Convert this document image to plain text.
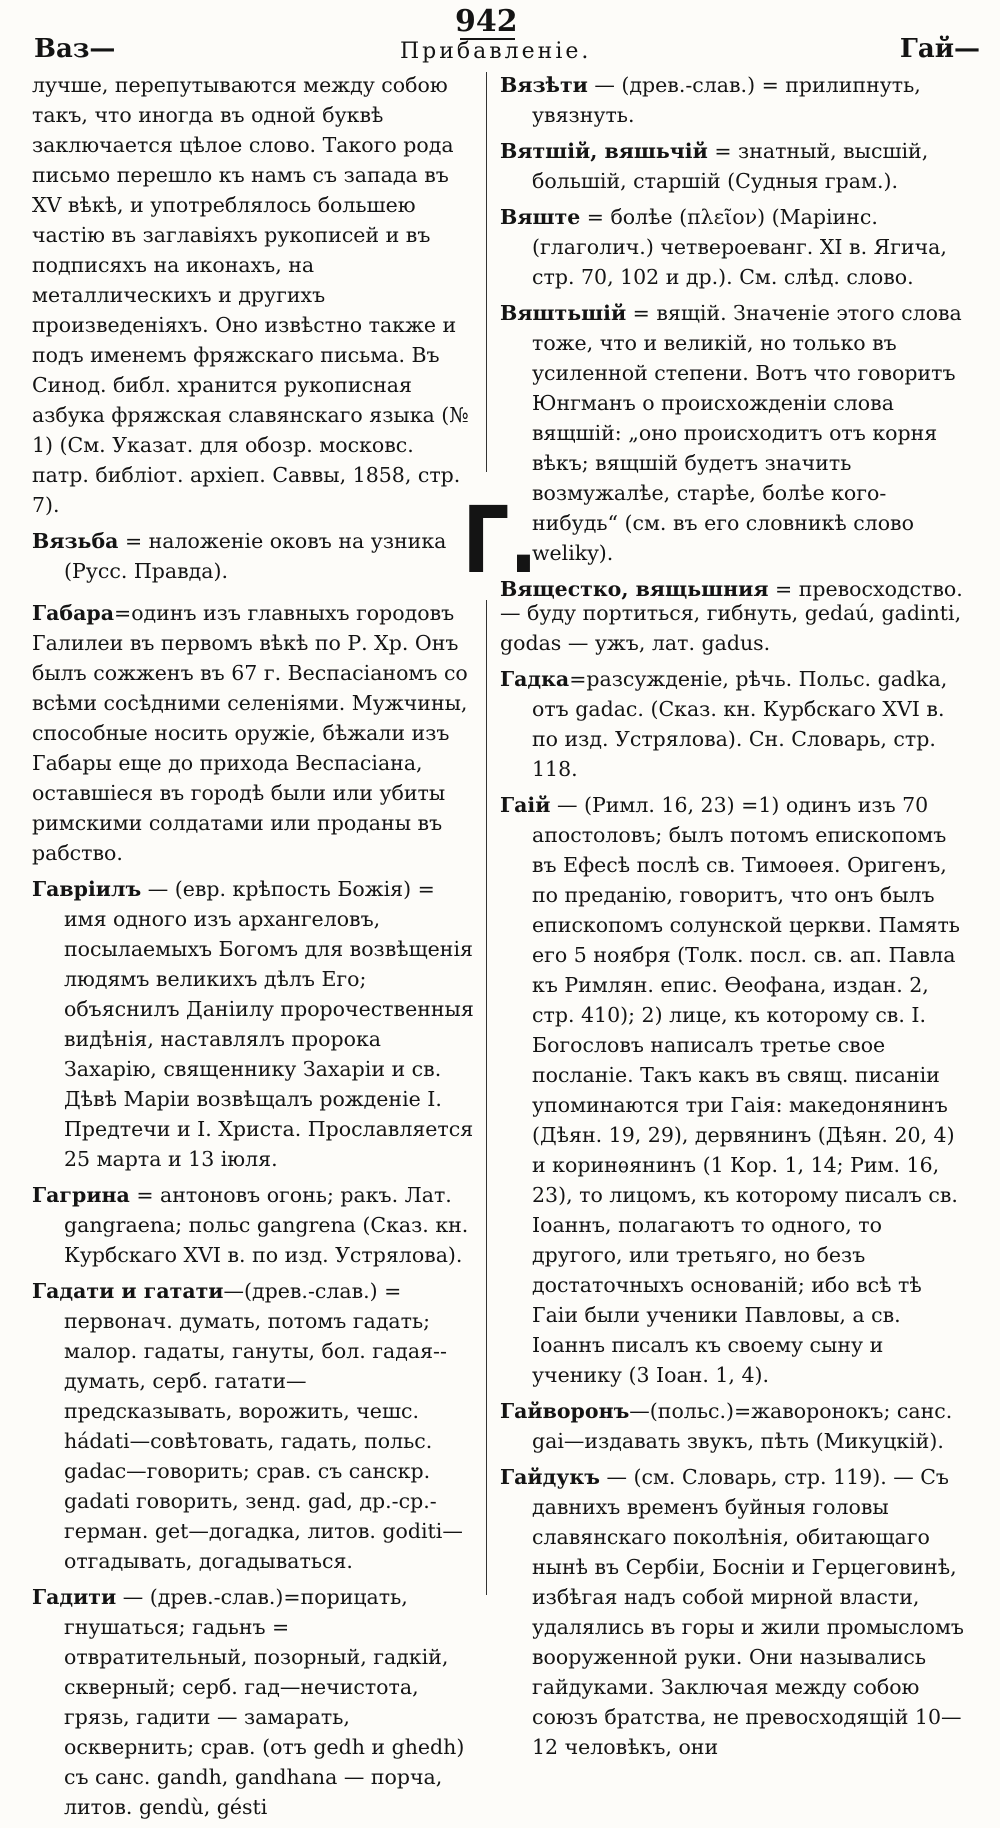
942
Ваз—	Прибавленіе.	Гай—

лучше, перепутываются между собою такъ, что иногда въ одной буквѣ заключается цѣлое слово. Такого рода письмо перешло къ намъ съ запада въ XV вѣкѣ, и употреблялось большею частію въ заглавіяхъ рукописей и въ подписяхъ на иконахъ, на металлическихъ и другихъ произведеніяхъ. Оно извѣстно также и подъ именемъ фряжскаго письма. Въ Синод. библ. хранится рукописная азбука фряжская славянскаго языка (№ 1) (См. Указат. для обозр. московс. патр. библіот. архіеп. Саввы, 1858, стр. 7).

Вязьба = наложеніе оковъ на узника (Русс. Правда).

Вязѣти — (древ.-слав.) = прилипнуть, увязнуть.

Вятшій, вяшьчій = знатный, высшій, большій, старшій (Судныя грам.).

Вяште = болѣе (πλεῖον) (Маріинс. (глаголич.) четвероеванг. XI в. Ягича, стр. 70, 102 и др.). См. слѣд. слово.

Вяштьшій = вящій. Значеніе этого слова тоже, что и великій, но только въ усиленной степени. Вотъ что говоритъ Юнгманъ о происхожденіи слова вящшій: „оно происходитъ отъ корня вѣкъ; вящшій будетъ значить возмужалѣе, старѣе, болѣе кого-нибудь“ (см. въ его словникѣ слово weliky).

Вящестко, вящьшния = превосходство.

Г.

Габара=одинъ изъ главныхъ городовъ Галилеи въ первомъ вѣкѣ по Р. Хр. Онъ былъ сожженъ въ 67 г. Веспасіаномъ со всѣми сосѣдними селеніями. Мужчины, способные носить оружіе, бѣжали изъ Габары еще до прихода Веспасіана, оставшіеся въ городѣ были или убиты римскими солдатами или проданы въ рабство.

Гавріилъ — (евр. крѣпость Божія) = имя одного изъ архангеловъ, посылаемыхъ Богомъ для возвѣщенія людямъ великихъ дѣлъ Его; объяснилъ Даніилу пророчественныя видѣнія, наставлялъ пророка Захарію, священнику Захаріи и св. Дѣвѣ Маріи возвѣщалъ рожденіе І. Предтечи и І. Христа. Прославляется 25 марта и 13 іюля.

Гагрина = антоновъ огонь; ракъ. Лат. gangraena; польс gangrena (Сказ. кн. Курбскаго XVI в. по изд. Устрялова).

Гадати и гатати—(древ.-слав.) = первонач. думать, потомъ гадать; малор. гадаты, гануты, бол. гадая--думать, серб. гатати— предсказывать, ворожить, чешс. hádati—совѣтовать, гадать, польс. gadac—говорить; срав. съ санскр. gadati говорить, зенд. gad, др.-ср.-герман. get—догадка, литов. goditi—отгадывать, догадываться.

Гадити — (древ.-слав.)=порицать, гнушаться; гадьнъ = отвратительный, позорный, гадкій, скверный; серб. гад—нечистота, грязь, гадити — замарать, осквернить; срав. (отъ gedh и ghedh) съ санс. gandh, gandhana — порча, литов. gendù, gésti

— буду портиться, гибнуть, gedaú, gadinti, godas — ужъ, лат. gadus.

Гадка=разсужденіе, рѣчь. Польс. gadka, отъ gadac. (Сказ. кн. Курбскаго XVI в. по изд. Устрялова). Сн. Словарь, стр. 118.

Гаій — (Римл. 16, 23) =1) одинъ изъ 70 апостоловъ; былъ потомъ епископомъ въ Ефесѣ послѣ св. Тимоѳея. Оригенъ, по преданію, говоритъ, что онъ былъ епископомъ солунской церкви. Память его 5 ноября (Толк. посл. св. ап. Павла къ Римлян. епис. Ѳеофана, издан. 2, стр. 410); 2) лице, къ которому св. І. Богословъ написалъ третье свое посланіе. Такъ какъ въ свящ. писаніи упоминаются три Гаія: македонянинъ (Дѣян. 19, 29), дервянинъ (Дѣян. 20, 4) и коринѳянинъ (1 Кор. 1, 14; Рим. 16, 23), то лицомъ, къ которому писалъ св. Іоаннъ, полагаютъ то одного, то другого, или третьяго, но безъ достаточныхъ основаній; ибо всѣ тѣ Гаіи были ученики Павловы, а св. Іоаннъ писалъ къ своему сыну и ученику (3 Іоан. 1, 4).

Гайворонъ—(польс.)=жаворонокъ; санс. gai—издавать звукъ, пѣть (Микуцкій).

Гайдукъ — (см. Словарь, стр. 119). — Съ давнихъ временъ буйныя головы славянскаго поколѣнія, обитающаго нынѣ въ Сербіи, Босніи и Герцеговинѣ, избѣгая надъ собой мирной власти, удалялись въ горы и жили промысломъ вооруженной руки. Они назывались гайдуками. Заключая между собою союзъ братства, не превосходящій 10—12 человѣкъ, они
